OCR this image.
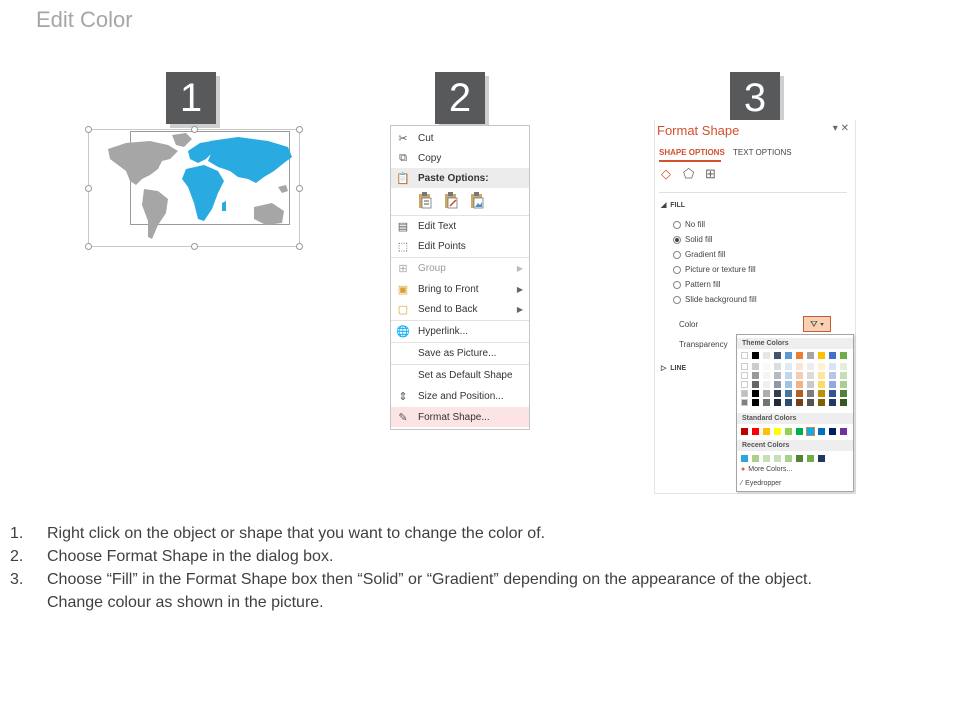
Edit Color
1	2	3
✂	Cut
⧉	Copy
📋 Paste Options:
▤ Edit Text
⬚ Edit Points
⊞	Group	▶
▣ Bring to Front	▶
▢ Send to Back	▶
🌐 Hyperlink...
Save as Picture...
Set as Default Shape
⇕	Size and Position...
✎	Format Shape...
Format Shape	▾ ✕
SHAPE OPTIONS TEXT OPTIONS
◇ ⬠ ⊞
◢ FILL
No fill
Solid fill
Gradient fill
Picture or texture fill
Pattern fill
Slide background fill
Color	⛛ ▾
Transparency
▷ LINE
Theme Colors
Standard Colors
Recent Colors
● More Colors...
⁄ Eyedropper
1.	Right click on the object or shape that you want to change the color of.
2.	Choose Format Shape in the dialog box.
3.	Choose “Fill” in the Format Shape box then “Solid” or “Gradient” depending on the appearance of the object.
Change colour as shown in the picture.
